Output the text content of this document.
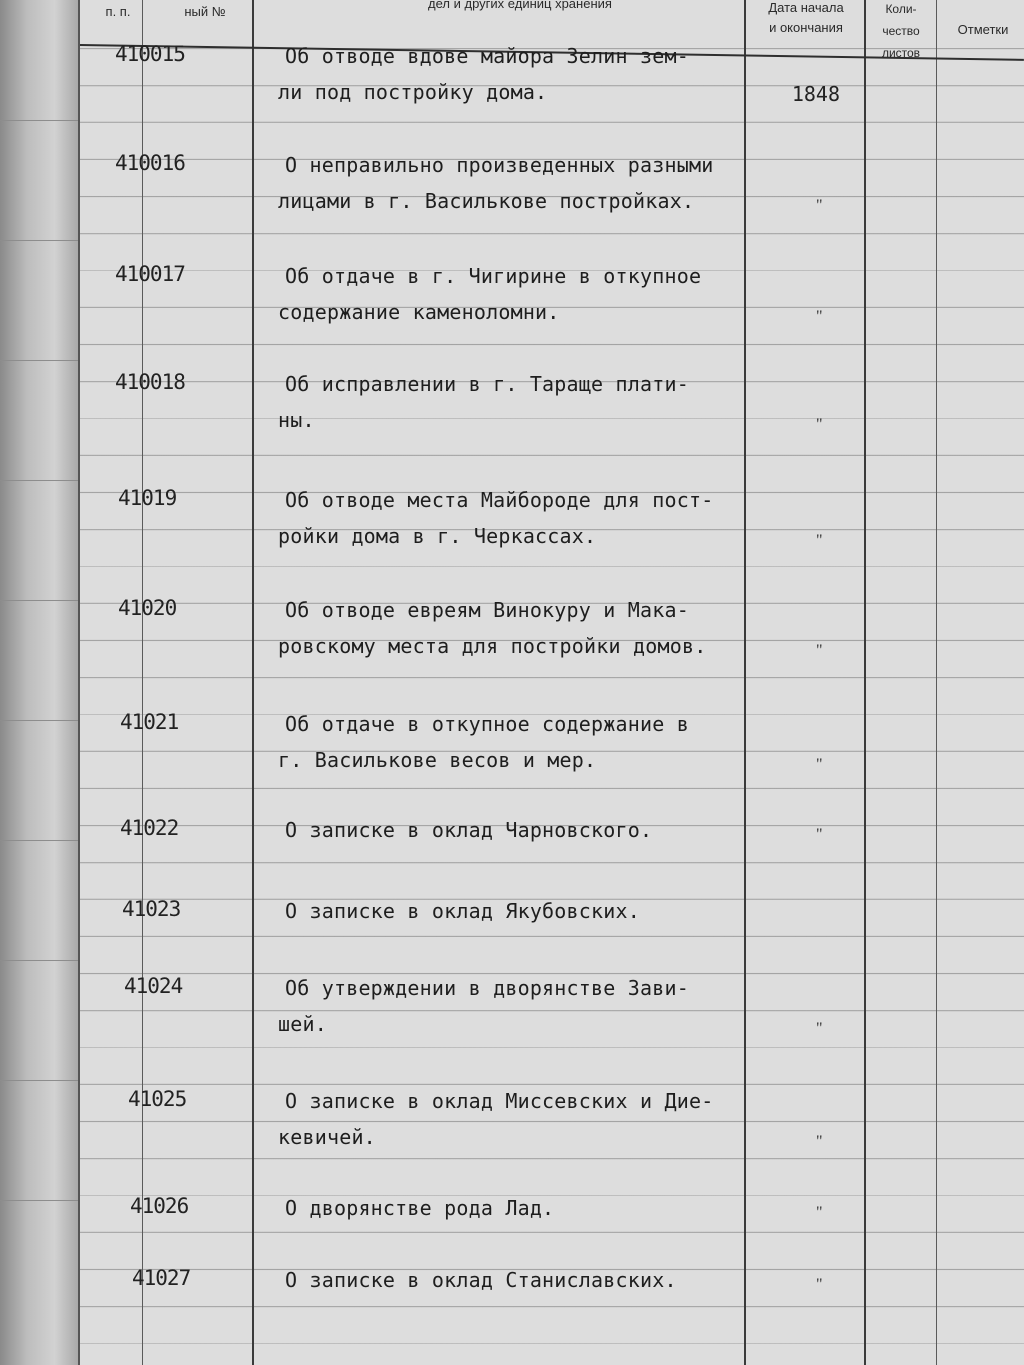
п. п.	ный №
дел и других единиц хранения	Дата начала
и окончания
Коли-
чество
листов
Отметки
410015	Об отводе вдове майора Зелин зем-
ли под постройку дома.	1848
410016	О неправильно произведенных разными
лицами в г. Василькове постройках.	"
410017	Об отдаче в г. Чигирине в откупное
содержание каменоломни.	"
410018	Об исправлении в г. Тараще плати-
ны.	"
41019	Об отводе места Майбороде для пост-
ройки дома в г. Черкассах.	"
41020	Об отводе евреям Винокуру и Мака-
ровскому места для постройки домов.	"
41021	Об отдаче в откупное содержание в
г. Василькове весов и мер.	"
41022	О записке в оклад Чарновского.	"
41023	О записке в оклад Якубовских.
41024	Об утверждении в дворянстве Зави-
шей.	"
41025	О записке в оклад Миссевских и Дие-
кевичей.	"
41026	О дворянстве рода Лад.	"
41027	О записке в оклад Станиславских.	"
